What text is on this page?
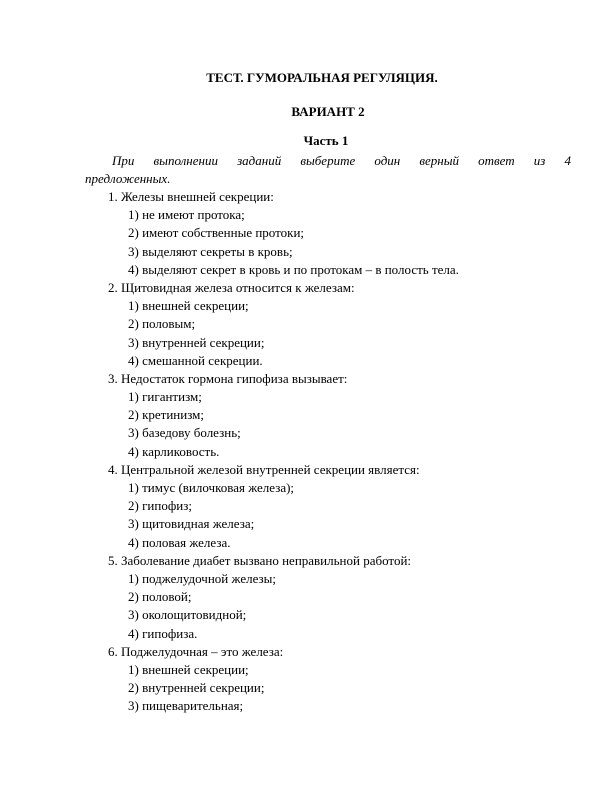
ТЕСТ. ГУМОРАЛЬНАЯ РЕГУЛЯЦИЯ.
ВАРИАНТ 2
Часть 1
При выполнении заданий выберите один верный ответ из 4
предложенных.
1. Железы внешней секреции:
1) не имеют протока;
2) имеют собственные протоки;
3) выделяют секреты в кровь;
4) выделяют секрет в кровь и по протокам – в полость тела.
2. Щитовидная железа относится к железам:
1) внешней секреции;
2) половым;
3) внутренней секреции;
4) смешанной секреции.
3. Недостаток гормона гипофиза вызывает:
1) гигантизм;
2) кретинизм;
3) базедову болезнь;
4) карликовость.
4. Центральной железой внутренней секреции является:
1) тимус (вилочковая железа);
2) гипофиз;
3) щитовидная железа;
4) половая железа.
5. Заболевание диабет вызвано неправильной работой:
1) поджелудочной железы;
2) половой;
3) околощитовидной;
4) гипофиза.
6. Поджелудочная – это железа:
1) внешней секреции;
2) внутренней секреции;
3) пищеварительная;
